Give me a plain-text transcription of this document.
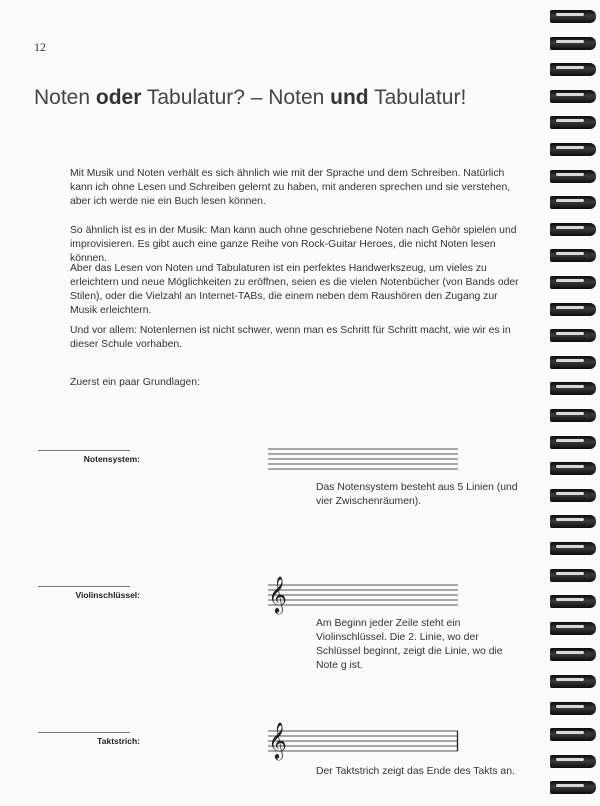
12
Noten oder Tabulatur? – Noten und Tabulatur!

Mit Musik und Noten verhält es sich ähnlich wie mit der Sprache und dem Schreiben. Natürlich kann ich ohne Lesen und Schreiben gelernt zu haben, mit anderen sprechen und sie verstehen, aber ich werde nie ein Buch lesen können.

So ähnlich ist es in der Musik: Man kann auch ohne geschriebene Noten nach Gehör spielen und improvisieren. Es gibt auch eine ganze Reihe von Rock-Guitar Heroes, die nicht Noten lesen können.

Aber das Lesen von Noten und Tabulaturen ist ein perfektes Handwerkszeug, um vieles zu erleichtern und neue Möglichkeiten zu eröffnen, seien es die vielen Notenbücher (von Bands oder Stilen), oder die Vielzahl an Internet-TABs, die einem neben dem Raushören den Zugang zur Musik erleichtern.

Und vor allem: Notenlernen ist nicht schwer, wenn man es Schritt für Schritt macht, wie wir es in dieser Schule vorhaben.

Zuerst ein paar Grundlagen:

Notensystem:

Das Notensystem besteht aus 5 Linien (und vier Zwischenräumen).

Violinschlüssel:	𝄞

Am Beginn jeder Zeile steht ein Violinschlüssel. Die 2. Linie, wo der Schlüssel beginnt, zeigt die Linie, wo die Note g ist.

Taktstrich:	𝄞

Der Taktstrich zeigt das Ende des Takts an.
